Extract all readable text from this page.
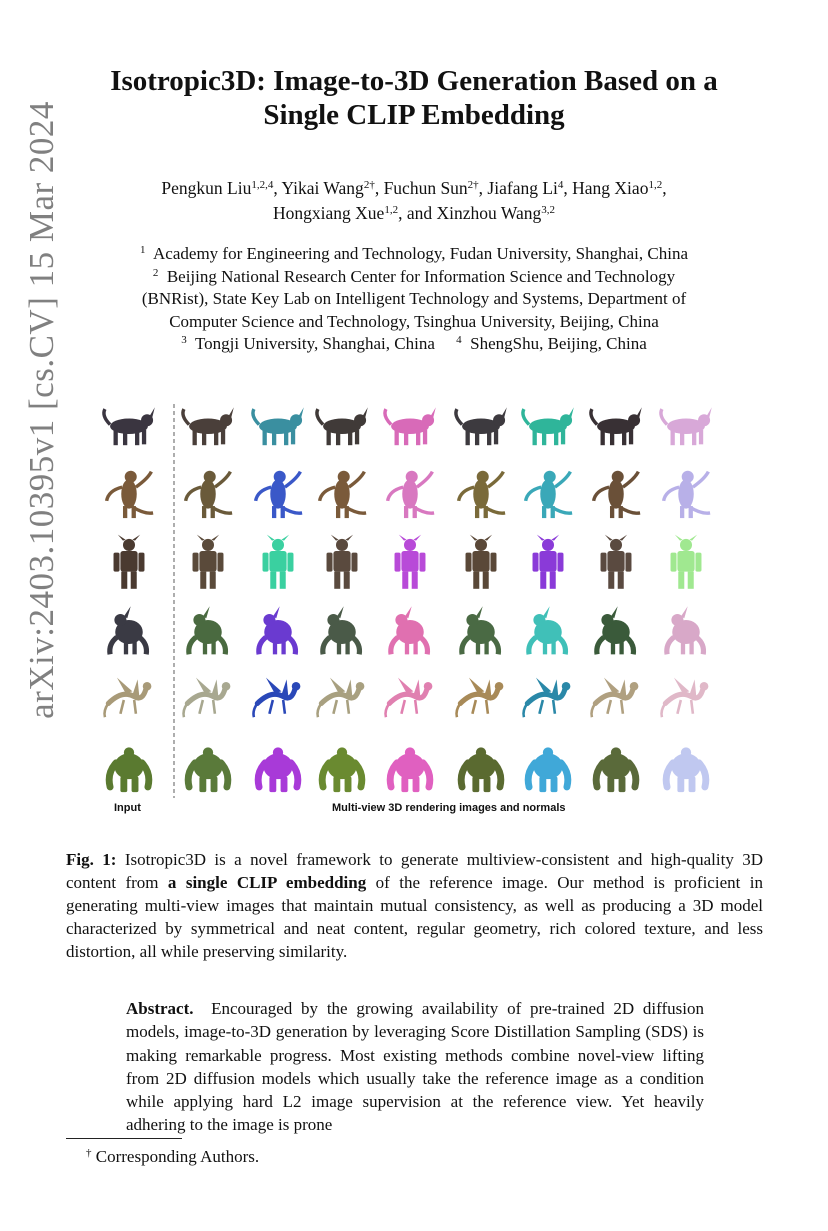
arXiv:2403.10395v1 [cs.CV] 15 Mar 2024
Isotropic3D: Image-to-3D Generation Based on a
Single CLIP Embedding
Pengkun Liu$^{1,2,4}$, Yikai Wang$^{2\dagger}$, Fuchun Sun$^{2\dagger}$, Jiafang Li$^4$, Hang Xiao$^{1,2}$,
Hongxiang Xue$^{1,2}$, and Xinzhou Wang$^{3,2}$
$^1$ Academy for Engineering and Technology, Fudan University, Shanghai, China
$^2$ Beijing National Research Center for Information Science and Technology
(BNRist), State Key Lab on Intelligent Technology and Systems, Department of
Computer Science and Technology, Tsinghua University, Beijing, China
$^3$ Tongji University, Shanghai, China $^4$ ShengShu, Beijing, China
Input	Multi-view 3D rendering images and normals
Fig. 1: Isotropic3D is a novel framework to generate multiview-consistent and high-quality 3D content from a single CLIP embedding of the reference image. Our method is proficient in generating multi-view images that maintain mutual consistency, as well as producing a 3D model characterized by symmetrical and neat content, regular geometry, rich colored texture, and less distortion, all while preserving similarity.
Abstract. Encouraged by the growing availability of pre-trained 2D diffusion models, image-to-3D generation by leveraging Score Distillation Sampling (SDS) is making remarkable progress. Most existing methods combine novel-view lifting from 2D diffusion models which usually take the reference image as a condition while applying hard L2 image supervision at the reference view. Yet heavily adhering to the image is prone
† Corresponding Authors.
